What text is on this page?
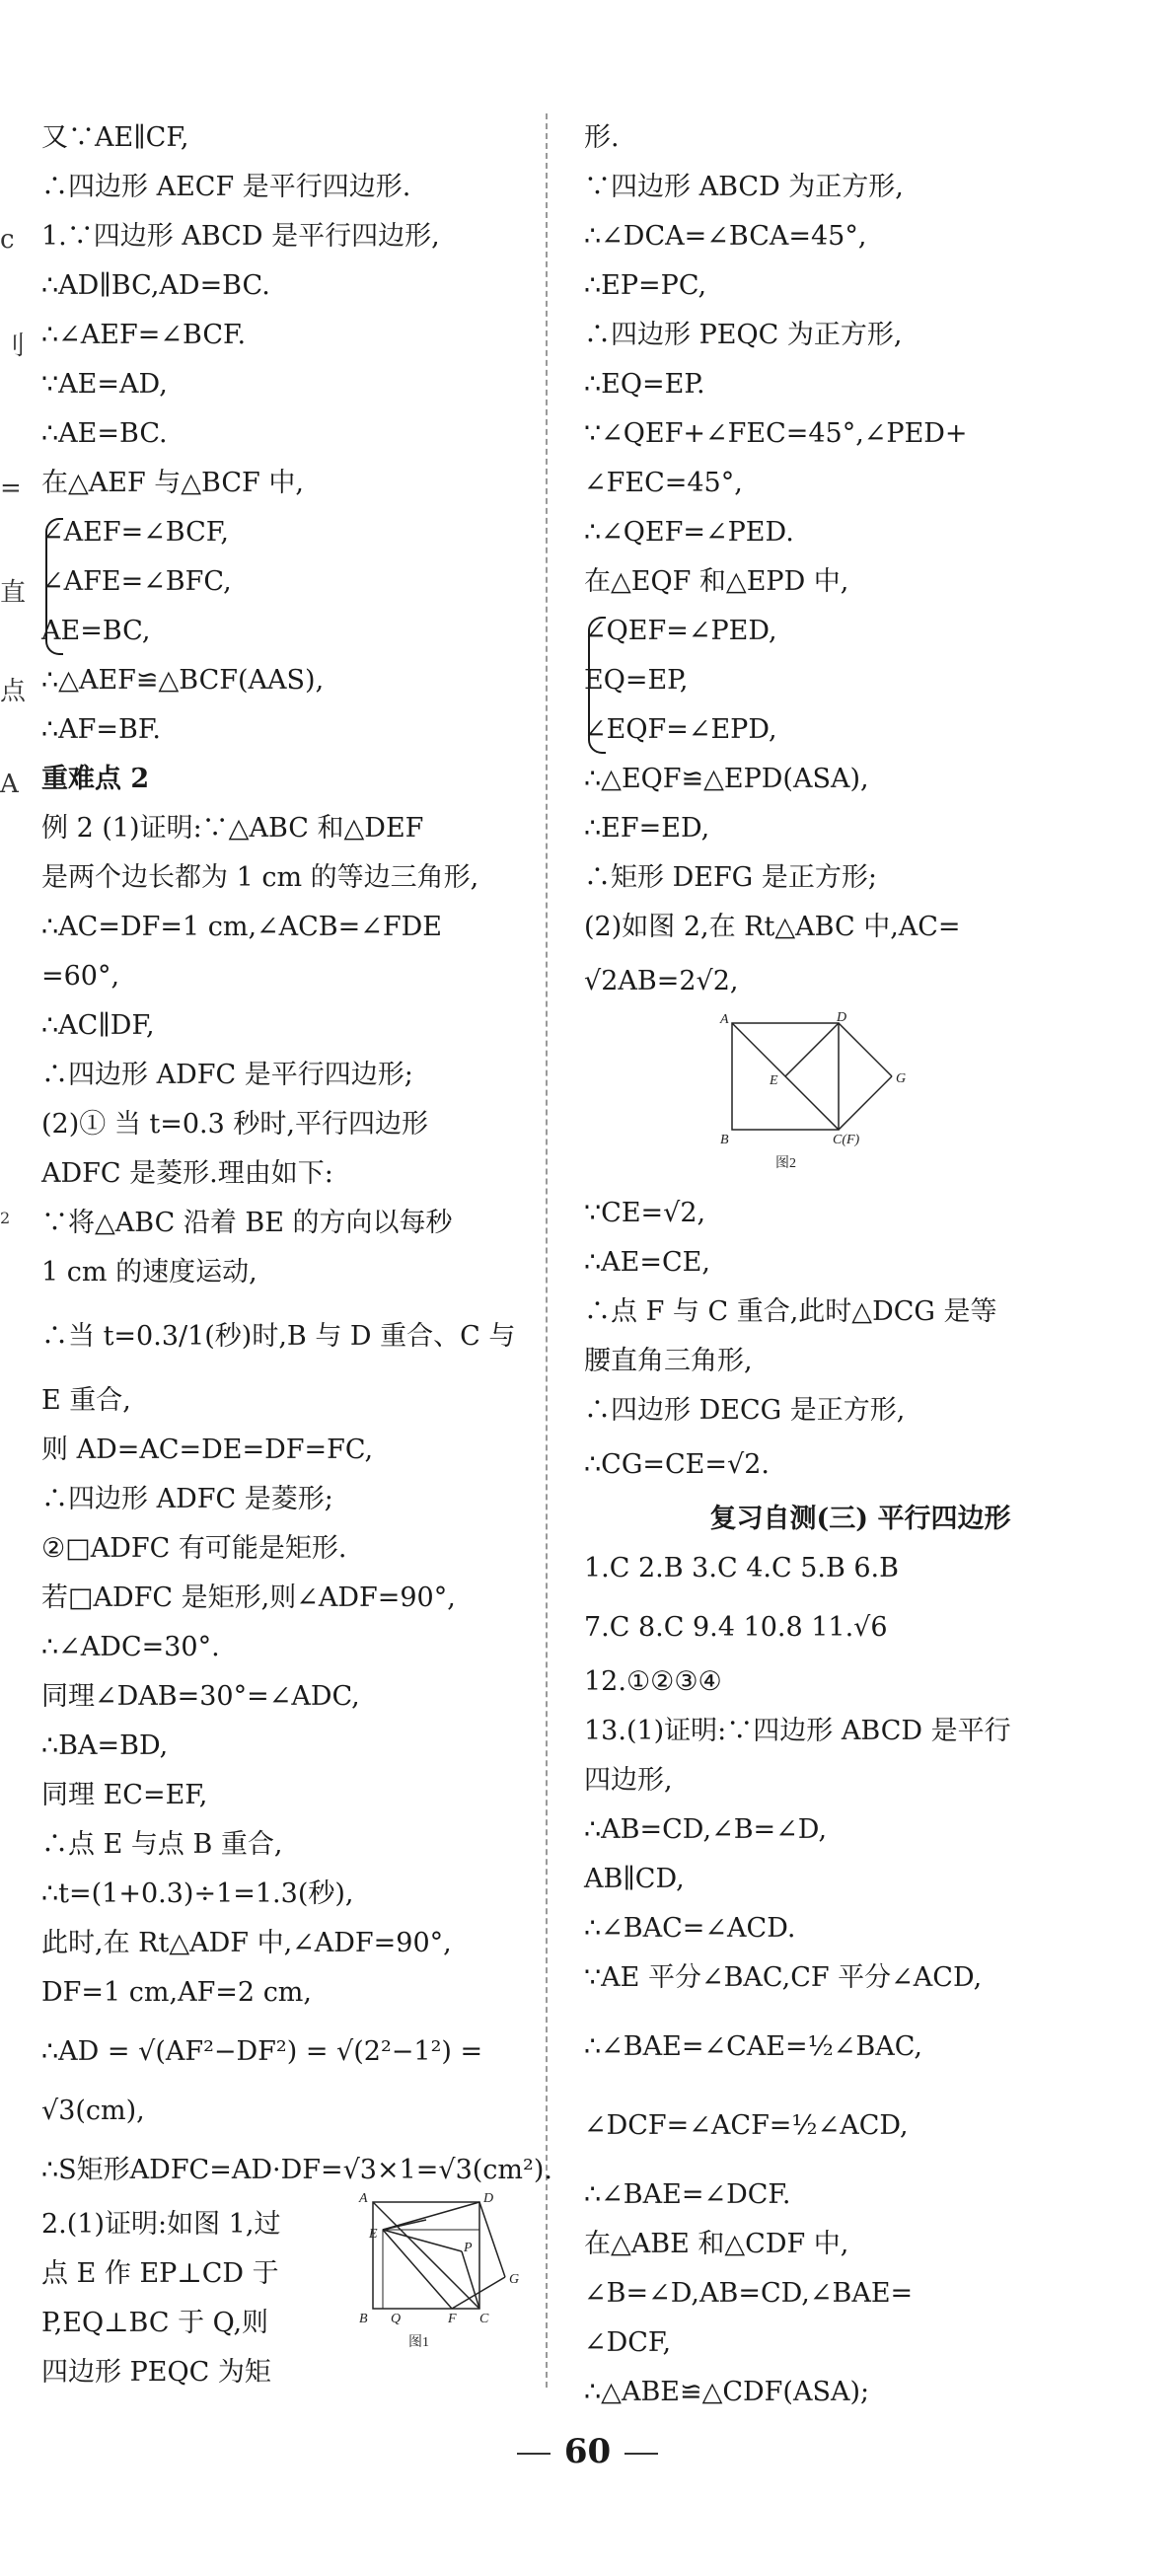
c
刂
=
直
点
A
2
又∵AE∥CF,
∴四边形 AECF 是平行四边形.
1.∵四边形 ABCD 是平行四边形,
∴AD∥BC,AD=BC.
∴∠AEF=∠BCF.
∵AE=AD,
∴AE=BC.
在△AEF 与△BCF 中,
∠AEF=∠BCF,
∠AFE=∠BFC,
AE=BC,
∴△AEF≌△BCF(AAS),
∴AF=BF.
重难点 2
例 2 (1)证明:∵△ABC 和△DEF
是两个边长都为 1 cm 的等边三角形,
∴AC=DF=1 cm,∠ACB=∠FDE
=60°,
∴AC∥DF,
∴四边形 ADFC 是平行四边形;
(2)① 当 t=0.3 秒时,平行四边形
ADFC 是菱形.理由如下:
∵将△ABC 沿着 BE 的方向以每秒
1 cm 的速度运动,
∴当 t=0.3/1(秒)时,B 与 D 重合、C 与
E 重合,
则 AD=AC=DE=DF=FC,
∴四边形 ADFC 是菱形;
②□ADFC 有可能是矩形.
若□ADFC 是矩形,则∠ADF=90°,
∴∠ADC=30°.
同理∠DAB=30°=∠ADC,
∴BA=BD,
同理 EC=EF,
∴点 E 与点 B 重合,
∴t=(1+0.3)÷1=1.3(秒),
此时,在 Rt△ADF 中,∠ADF=90°,
DF=1 cm,AF=2 cm,
∴AD = √(AF²−DF²) = √(2²−1²) =
√3(cm),
∴S矩形ADFC=AD·DF=√3×1=√3(cm²).
2.(1)证明:如图 1,过
点 E 作 EP⊥CD 于
P,EQ⊥BC 于 Q,则
四边形 PEQC 为矩
A	D
E
P
G
B Q	F C
图1
形.
∵四边形 ABCD 为正方形,
∴∠DCA=∠BCA=45°,
∴EP=PC,
∴四边形 PEQC 为正方形,
∴EQ=EP.
∵∠QEF+∠FEC=45°,∠PED+
∠FEC=45°,
∴∠QEF=∠PED.
在△EQF 和△EPD 中,
∠QEF=∠PED,
EQ=EP,
∠EQF=∠EPD,
∴△EQF≌△EPD(ASA),
∴EF=ED,
∴矩形 DEFG 是正方形;
(2)如图 2,在 Rt△ABC 中,AC=
√2AB=2√2,
A	D
E	G
B	C(F)
图2
∵CE=√2,
∴AE=CE,
∴点 F 与 C 重合,此时△DCG 是等
腰直角三角形,
∴四边形 DECG 是正方形,
∴CG=CE=√2.
复习自测(三) 平行四边形
1.C 2.B 3.C 4.C 5.B 6.B
7.C 8.C 9.4 10.8 11.√6
12.①②③④
13.(1)证明:∵四边形 ABCD 是平行
四边形,
∴AB=CD,∠B=∠D,
AB∥CD,
∴∠BAC=∠ACD.
∵AE 平分∠BAC,CF 平分∠ACD,
∴∠BAE=∠CAE=½∠BAC,
∠DCF=∠ACF=½∠ACD,
∴∠BAE=∠DCF.
在△ABE 和△CDF 中,
∠B=∠D,AB=CD,∠BAE=
∠DCF,
∴△ABE≌△CDF(ASA);
60
